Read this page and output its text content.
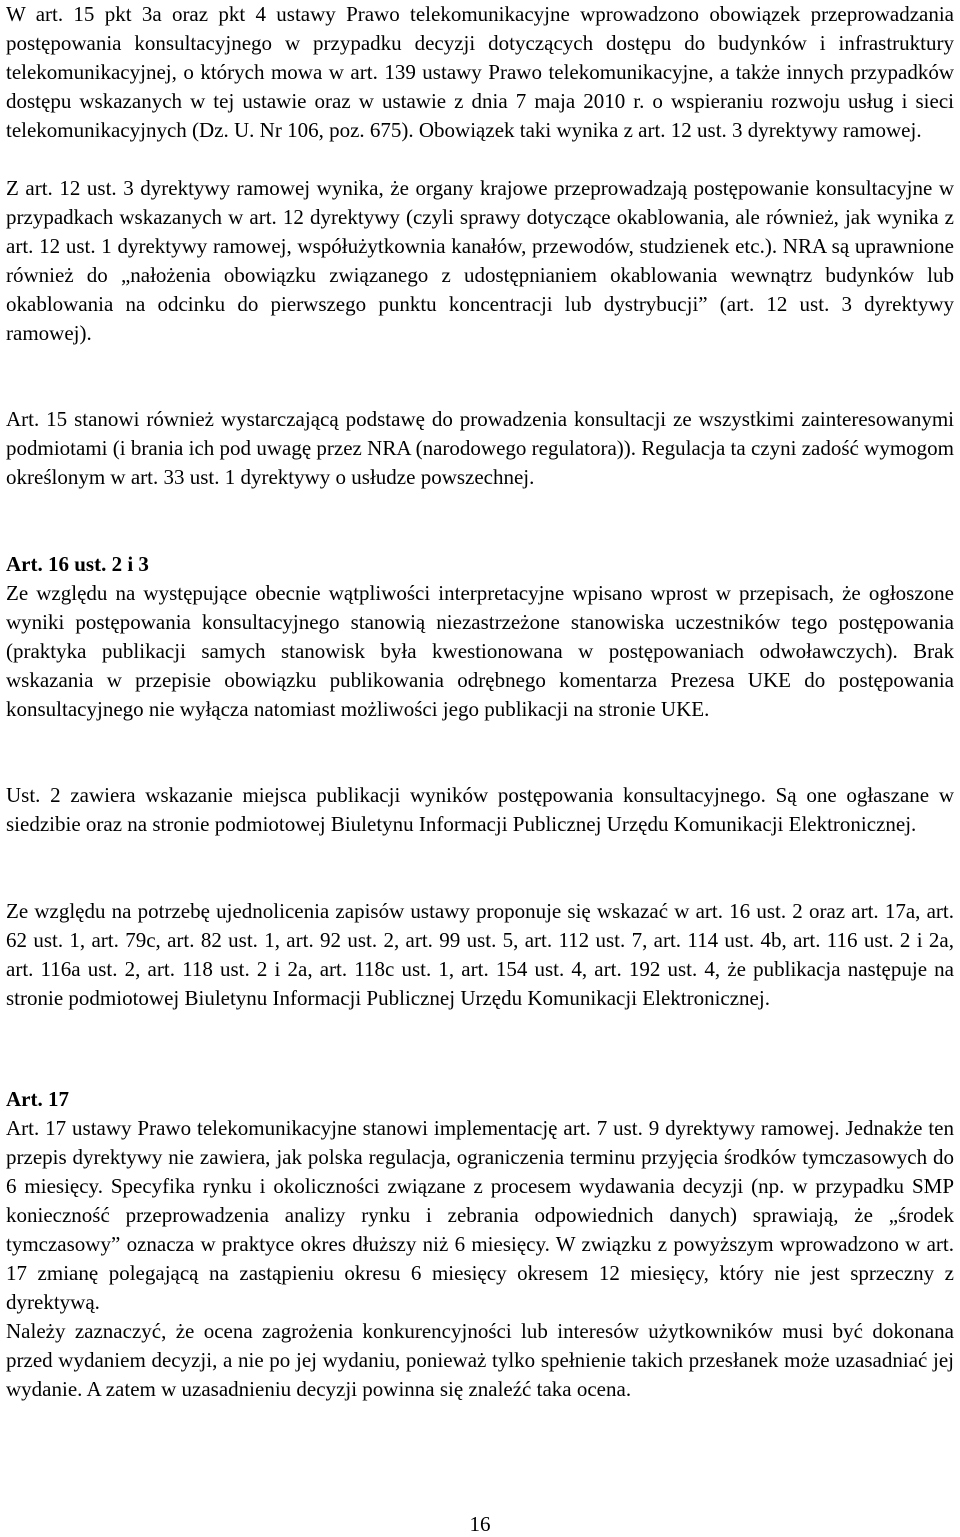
W art. 15 pkt 3a oraz pkt 4 ustawy Prawo telekomunikacyjne wprowadzono obowiązek przeprowadzania postępowania konsultacyjnego w przypadku decyzji dotyczących dostępu do budynków i infrastruktury telekomunikacyjnej, o których mowa w art. 139 ustawy Prawo telekomunikacyjne, a także innych przypadków dostępu wskazanych w tej ustawie oraz w ustawie z dnia 7 maja 2010 r. o wspieraniu rozwoju usług i sieci telekomunikacyjnych (Dz. U. Nr 106, poz. 675). Obowiązek taki wynika z art. 12 ust. 3 dyrektywy ramowej.

Z art. 12 ust. 3 dyrektywy ramowej wynika, że organy krajowe przeprowadzają postępowanie konsultacyjne w przypadkach wskazanych w art. 12 dyrektywy (czyli sprawy dotyczące okablowania, ale również, jak wynika z art. 12 ust. 1 dyrektywy ramowej, współużytkownia kanałów, przewodów, studzienek etc.). NRA są uprawnione również do „nałożenia obowiązku związanego z udostępnianiem okablowania wewnątrz budynków lub okablowania na odcinku do pierwszego punktu koncentracji lub dystrybucji” (art. 12 ust. 3 dyrektywy ramowej).

Art. 15 stanowi również wystarczającą podstawę do prowadzenia konsultacji ze wszystkimi zainteresowanymi podmiotami (i brania ich pod uwagę przez NRA (narodowego regulatora)). Regulacja ta czyni zadość wymogom określonym w art. 33 ust. 1 dyrektywy o usłudze powszechnej.

Art. 16 ust. 2 i 3

Ze względu na występujące obecnie wątpliwości interpretacyjne wpisano wprost w przepisach, że ogłoszone wyniki postępowania konsultacyjnego stanowią niezastrzeżone stanowiska uczestników tego postępowania (praktyka publikacji samych stanowisk była kwestionowana w postępowaniach odwoławczych). Brak wskazania w przepisie obowiązku publikowania odrębnego komentarza Prezesa UKE do postępowania konsultacyjnego nie wyłącza natomiast możliwości jego publikacji na stronie UKE.

Ust. 2 zawiera wskazanie miejsca publikacji wyników postępowania konsultacyjnego. Są one ogłaszane w siedzibie oraz na stronie podmiotowej Biuletynu Informacji Publicznej Urzędu Komunikacji Elektronicznej.

Ze względu na potrzebę ujednolicenia zapisów ustawy proponuje się wskazać w art. 16 ust. 2 oraz art. 17a, art. 62 ust. 1, art. 79c, art. 82 ust. 1, art. 92 ust. 2, art. 99 ust. 5, art. 112 ust. 7, art. 114 ust. 4b, art. 116 ust. 2 i 2a, art. 116a ust. 2, art. 118 ust. 2 i 2a, art. 118c ust. 1, art. 154 ust. 4, art. 192 ust. 4, że publikacja następuje na stronie podmiotowej Biuletynu Informacji Publicznej Urzędu Komunikacji Elektronicznej.

Art. 17

Art. 17 ustawy Prawo telekomunikacyjne stanowi implementację art. 7 ust. 9 dyrektywy ramowej. Jednakże ten przepis dyrektywy nie zawiera, jak polska regulacja, ograniczenia terminu przyjęcia środków tymczasowych do 6 miesięcy. Specyfika rynku i okoliczności związane z procesem wydawania decyzji (np. w przypadku SMP konieczność przeprowadzenia analizy rynku i zebrania odpowiednich danych) sprawiają, że „środek tymczasowy” oznacza w praktyce okres dłuższy niż 6 miesięcy. W związku z powyższym wprowadzono w art. 17 zmianę polegającą na zastąpieniu okresu 6 miesięcy okresem 12 miesięcy, który nie jest sprzeczny z dyrektywą.

Należy zaznaczyć, że ocena zagrożenia konkurencyjności lub interesów użytkowników musi być dokonana przed wydaniem decyzji, a nie po jej wydaniu, ponieważ tylko spełnienie takich przesłanek może uzasadniać jej wydanie. A zatem w uzasadnieniu decyzji powinna się znaleźć taka ocena.

16
